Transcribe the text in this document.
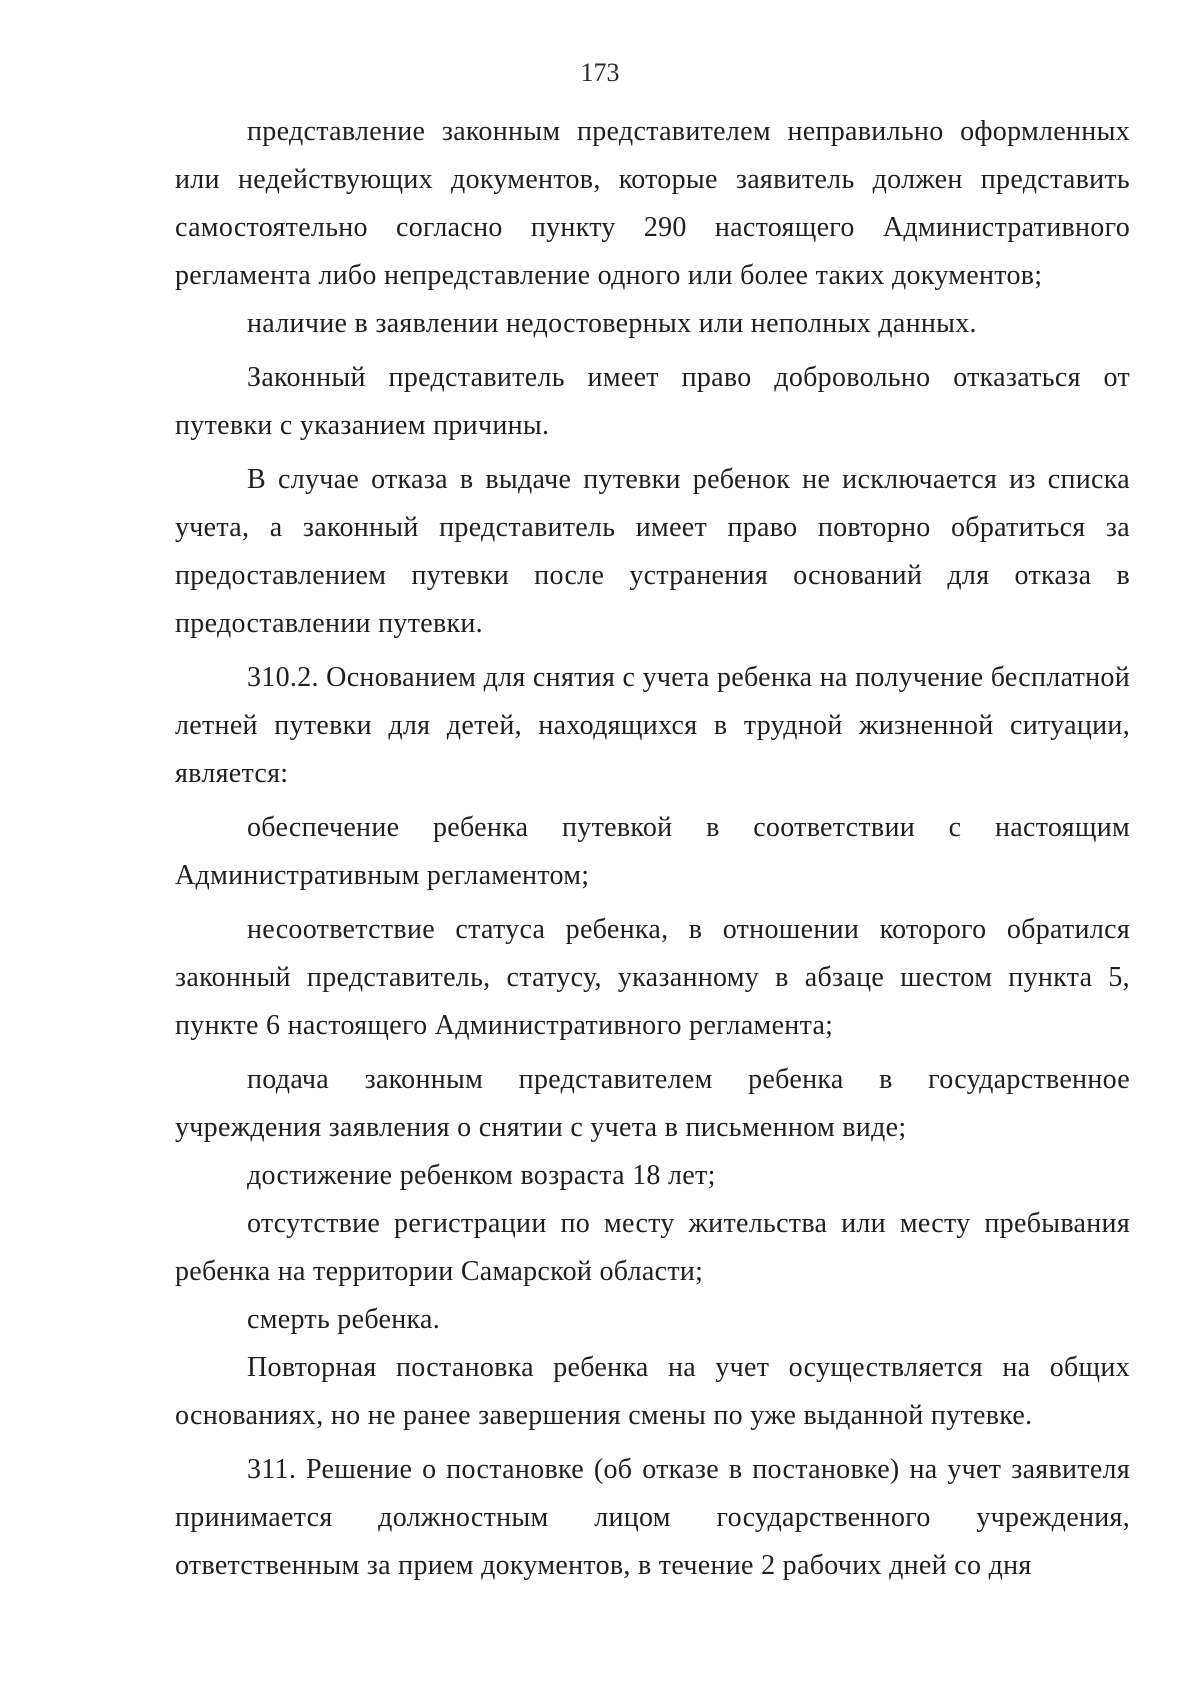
173

представление законным представителем неправильно оформленных или недействующих документов, которые заявитель должен представить самостоятельно согласно пункту 290 настоящего Административного регламента либо непредставление одного или более таких документов;

наличие в заявлении недостоверных или неполных данных.

Законный представитель имеет право добровольно отказаться от путевки с указанием причины.

В случае отказа в выдаче путевки ребенок не исключается из списка учета, а законный представитель имеет право повторно обратиться за предоставлением путевки после устранения оснований для отказа в предоставлении путевки.

310.2. Основанием для снятия с учета ребенка на получение бесплатной летней путевки для детей, находящихся в трудной жизненной ситуации, является:

обеспечение ребенка путевкой в соответствии с настоящим Административным регламентом;

несоответствие статуса ребенка, в отношении которого обратился законный представитель, статусу, указанному в абзаце шестом пункта 5, пункте 6 настоящего Административного регламента;

подача законным представителем ребенка в государственное учреждения заявления о снятии с учета в письменном виде;

достижение ребенком возраста 18 лет;

отсутствие регистрации по месту жительства или месту пребывания ребенка на территории Самарской области;

смерть ребенка.

Повторная постановка ребенка на учет осуществляется на общих основаниях, но не ранее завершения смены по уже выданной путевке.

311. Решение о постановке (об отказе в постановке) на учет заявителя принимается должностным лицом государственного учреждения, ответственным за прием документов, в течение 2 рабочих дней со дня
